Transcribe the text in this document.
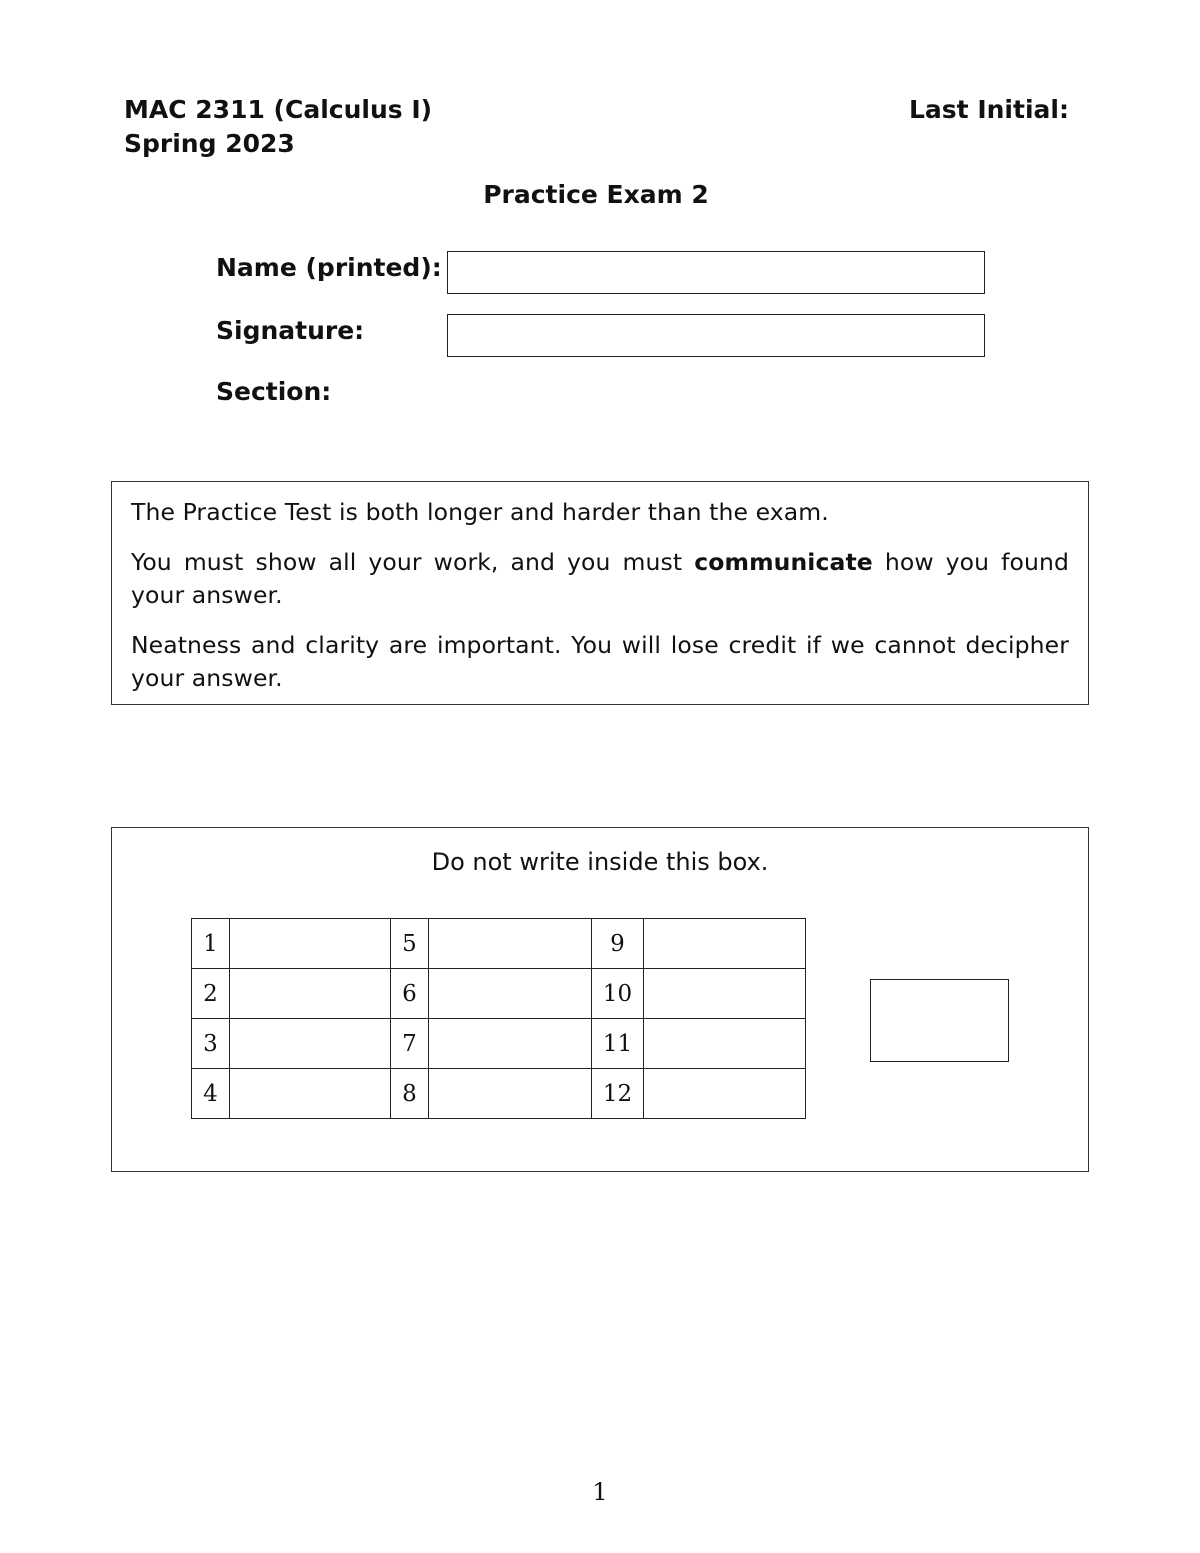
MAC 2311 (Calculus I)
Spring 2023
Last Initial:
Practice Exam 2
Name (printed):
Signature:
Section:

The Practice Test is both longer and harder than the exam.

You must show all your work, and you must communicate how you found your answer.

Neatness and clarity are important. You will lose credit if we cannot decipher your answer.

Do not write inside this box.
1		5		9	
2		6		10	
3		7		11	
4		8		12	
1
